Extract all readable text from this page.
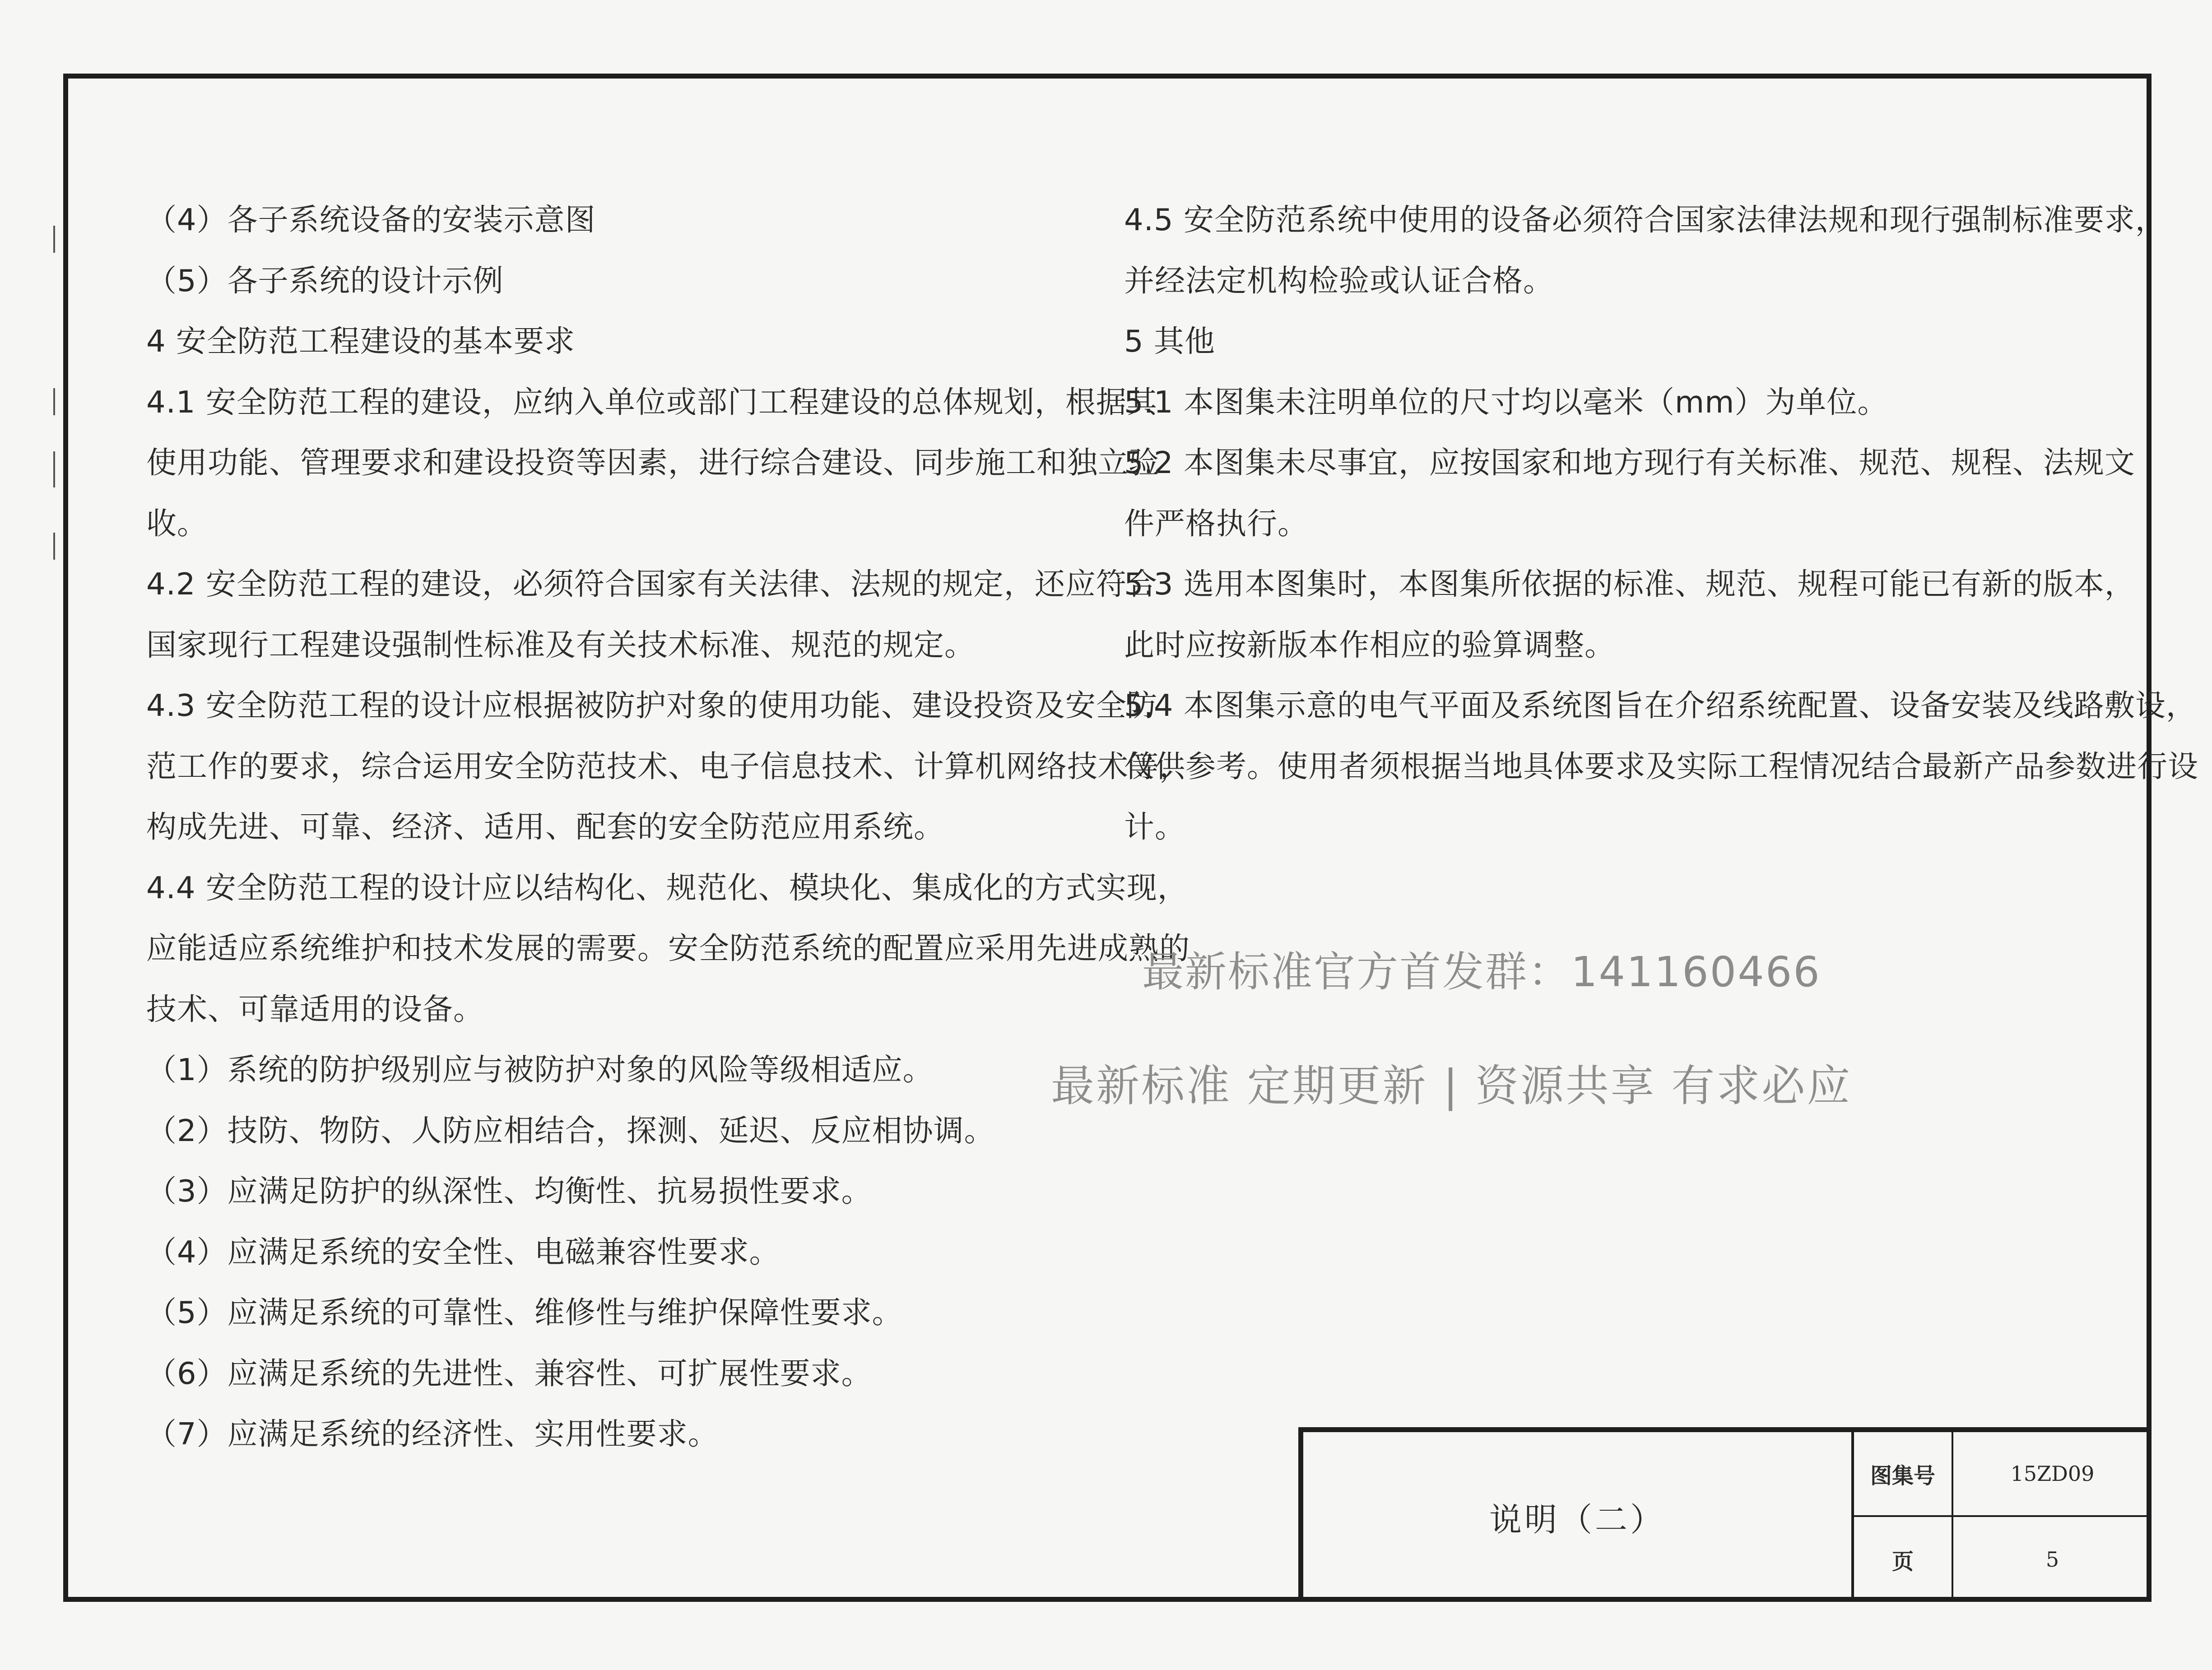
（4）各子系统设备的安装示意图
（5）各子系统的设计示例
4 安全防范工程建设的基本要求
4.1 安全防范工程的建设，应纳入单位或部门工程建设的总体规划，根据其
使用功能、管理要求和建设投资等因素，进行综合建设、同步施工和独立验
收。
4.2 安全防范工程的建设，必须符合国家有关法律、法规的规定，还应符合
国家现行工程建设强制性标准及有关技术标准、规范的规定。
4.3 安全防范工程的设计应根据被防护对象的使用功能、建设投资及安全防
范工作的要求，综合运用安全防范技术、电子信息技术、计算机网络技术等，
构成先进、可靠、经济、适用、配套的安全防范应用系统。
4.4 安全防范工程的设计应以结构化、规范化、模块化、集成化的方式实现，
应能适应系统维护和技术发展的需要。安全防范系统的配置应采用先进成熟的
技术、可靠适用的设备。
（1）系统的防护级别应与被防护对象的风险等级相适应。
（2）技防、物防、人防应相结合，探测、延迟、反应相协调。
（3）应满足防护的纵深性、均衡性、抗易损性要求。
（4）应满足系统的安全性、电磁兼容性要求。
（5）应满足系统的可靠性、维修性与维护保障性要求。
（6）应满足系统的先进性、兼容性、可扩展性要求。
（7）应满足系统的经济性、实用性要求。
4.5 安全防范系统中使用的设备必须符合国家法律法规和现行强制标准要求，
并经法定机构检验或认证合格。
5 其他
5.1 本图集未注明单位的尺寸均以毫米（mm）为单位。
5.2 本图集未尽事宜，应按国家和地方现行有关标准、规范、规程、法规文
件严格执行。
5.3 选用本图集时，本图集所依据的标准、规范、规程可能已有新的版本，
此时应按新版本作相应的验算调整。
5.4 本图集示意的电气平面及系统图旨在介绍系统配置、设备安装及线路敷设，
仅供参考。使用者须根据当地具体要求及实际工程情况结合最新产品参数进行设
计。
最新标准官方首发群：141160466
最新标准 定期更新 | 资源共享 有求必应
说明（二）
图集号	15ZD09
页	5
